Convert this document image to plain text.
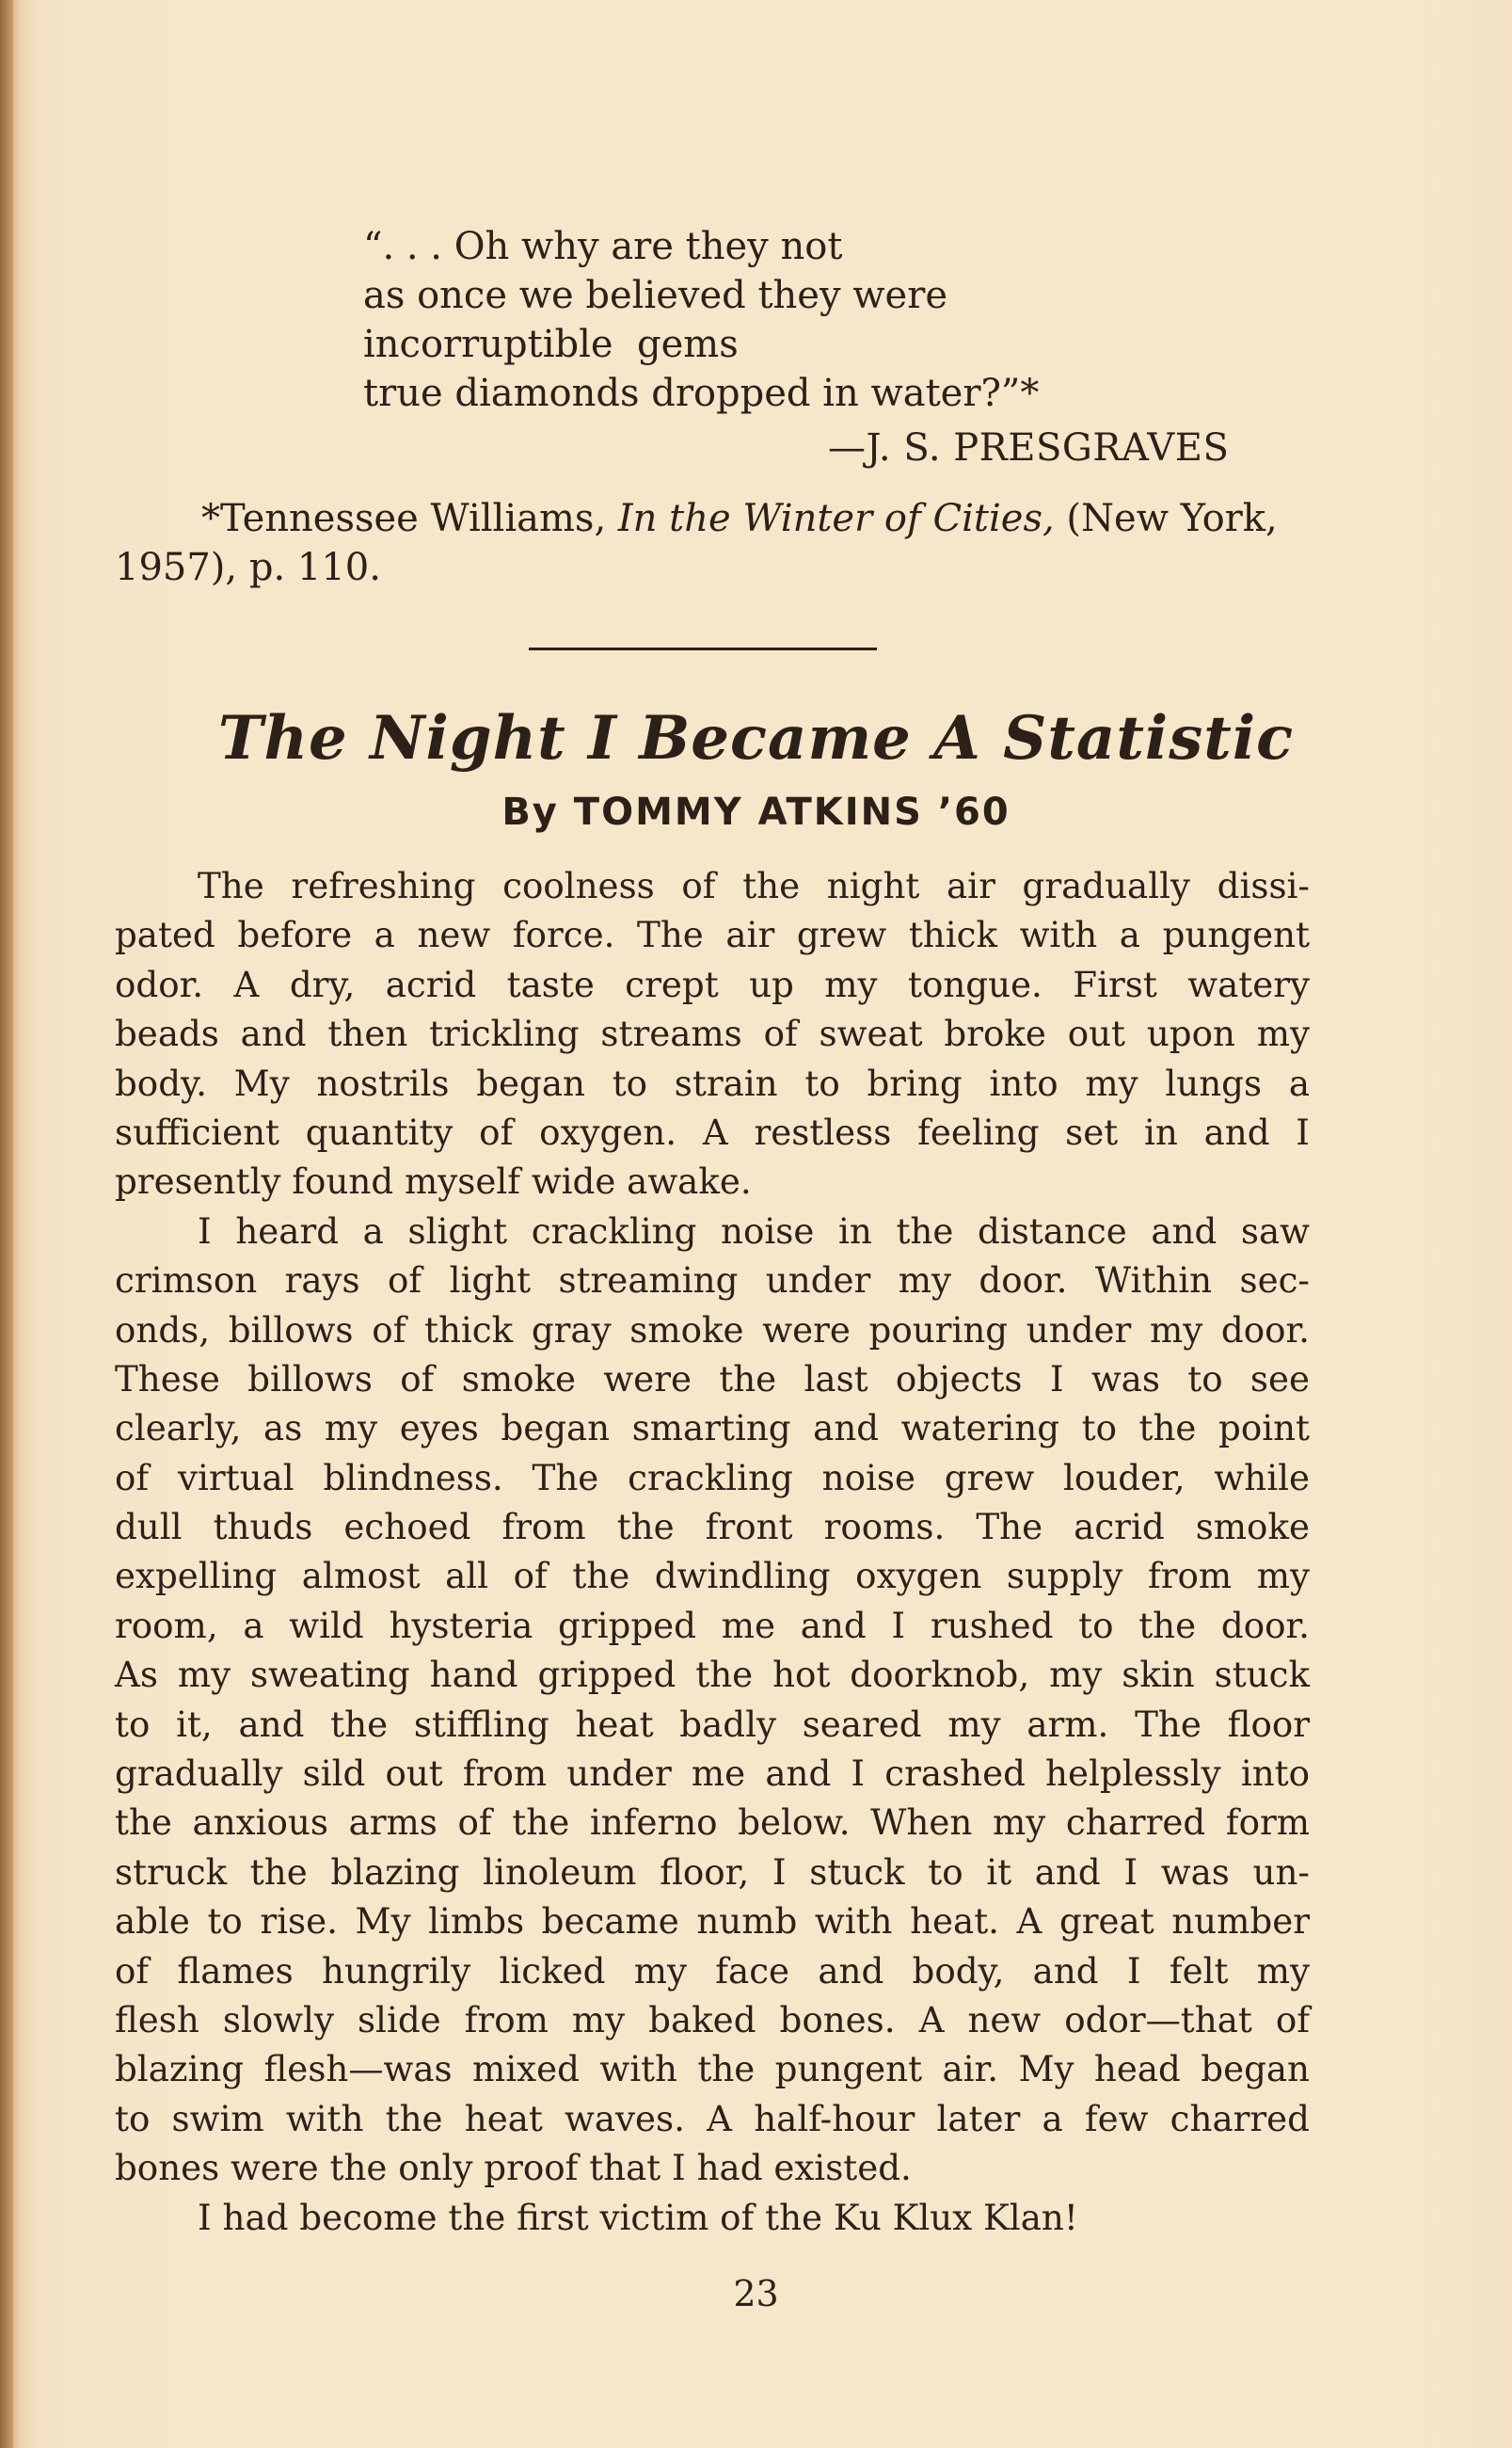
“. . . Oh why are they not
as once we believed they were
incorruptible  gems
true diamonds dropped in water?”*
—J. S. PRESGRAVES
*Tennessee Williams, In the Winter of Cities, (New York,
1957), p. 110.
The Night I Became A Statistic
By TOMMY ATKINS ’60
The refreshing coolness of the night air gradually dissi-
pated before a new force. The air grew thick with a pungent
odor. A dry, acrid taste crept up my tongue. First watery
beads and then trickling streams of sweat broke out upon my
body. My nostrils began to strain to bring into my lungs a
sufficient quantity of oxygen. A restless feeling set in and I
presently found myself wide awake.
I heard a slight crackling noise in the distance and saw
crimson rays of light streaming under my door. Within sec-
onds, billows of thick gray smoke were pouring under my door.
These billows of smoke were the last objects I was to see
clearly, as my eyes began smarting and watering to the point
of virtual blindness. The crackling noise grew louder, while
dull thuds echoed from the front rooms. The acrid smoke
expelling almost all of the dwindling oxygen supply from my
room, a wild hysteria gripped me and I rushed to the door.
As my sweating hand gripped the hot doorknob, my skin stuck
to it, and the stiffling heat badly seared my arm. The floor
gradually sild out from under me and I crashed helplessly into
the anxious arms of the inferno below. When my charred form
struck the blazing linoleum floor, I stuck to it and I was un-
able to rise. My limbs became numb with heat. A great number
of flames hungrily licked my face and body, and I felt my
flesh slowly slide from my baked bones. A new odor—that of
blazing flesh—was mixed with the pungent air. My head began
to swim with the heat waves. A half-hour later a few charred
bones were the only proof that I had existed.
I had become the first victim of the Ku Klux Klan!
23
